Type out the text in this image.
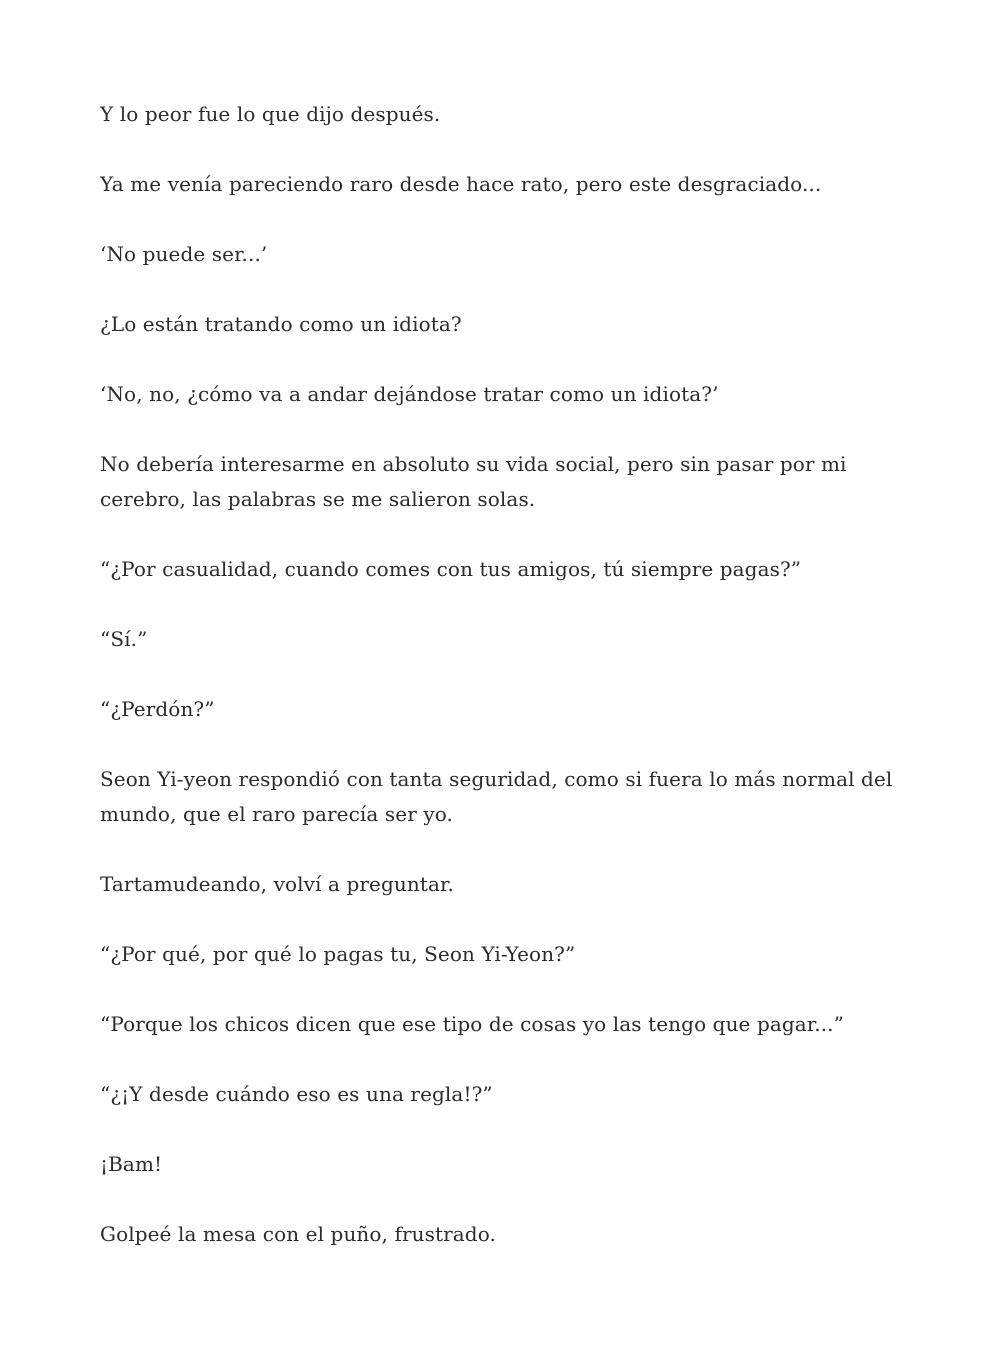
Y lo peor fue lo que dijo después.

Ya me venía pareciendo raro desde hace rato, pero este desgraciado...

‘No puede ser...’

¿Lo están tratando como un idiota?

‘No, no, ¿cómo va a andar dejándose tratar como un idiota?’

No debería interesarme en absoluto su vida social, pero sin pasar por mi cerebro, las palabras se me salieron solas.

“¿Por casualidad, cuando comes con tus amigos, tú siempre pagas?”

“Sí.”

“¿Perdón?”

Seon Yi-yeon respondió con tanta seguridad, como si fuera lo más normal del mundo, que el raro parecía ser yo.

Tartamudeando, volví a preguntar.

“¿Por qué, por qué lo pagas tu, Seon Yi-Yeon?”

“Porque los chicos dicen que ese tipo de cosas yo las tengo que pagar...”

“¿¡Y desde cuándo eso es una regla!?”

¡Bam!

Golpeé la mesa con el puño, frustrado.
